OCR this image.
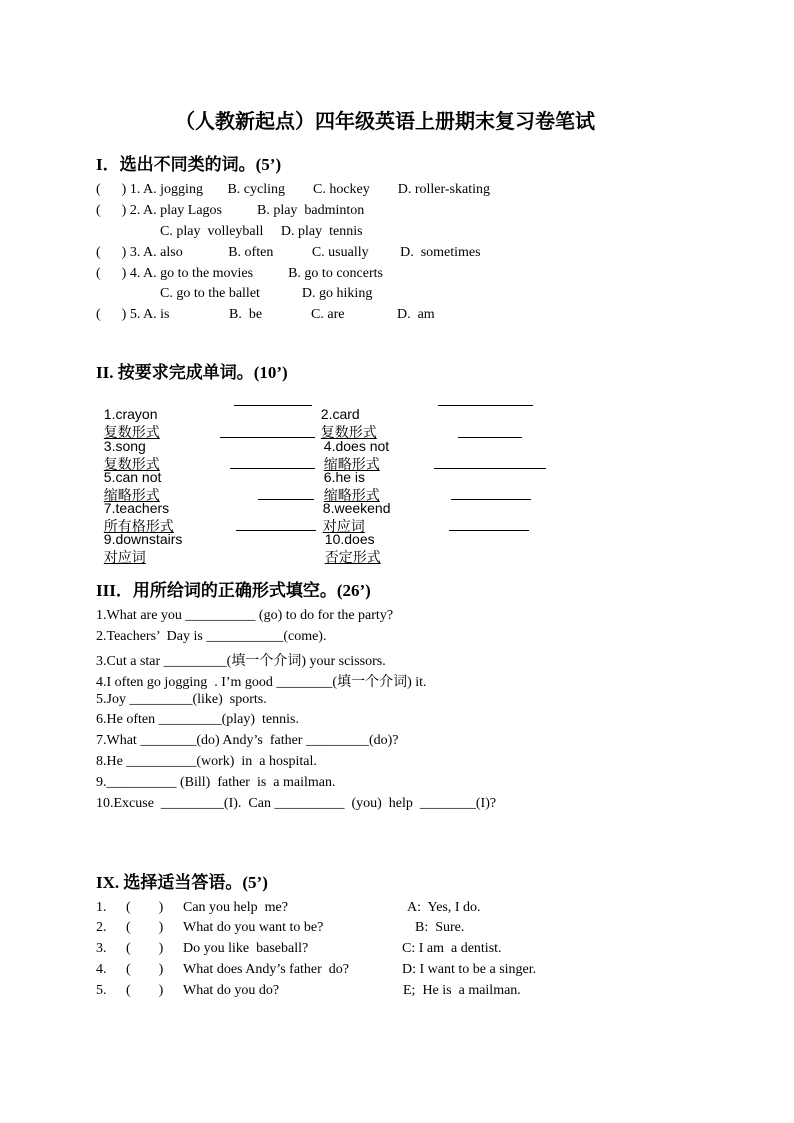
（人教新起点）四年级英语上册期末复习卷笔试
I．选出不同类的词。(5’)
(      ) 1. A. jogging       B. cycling        C. hockey        D. roller-skating
(      ) 2. A. play Lagos          B. play  badminton
C. play  volleyball     D. play  tennis
(      ) 3. A. also             B. often           C. usually         D.  sometimes
(      ) 4. A. go to the movies          B. go to concerts
C. go to the ballet            D. go hiking
(      ) 5. A. is                 B.  be              C. are               D.  am
II. 按要求完成单词。(10’)

1.crayon
复数形式

2.card
复数形式

3.song
复数形式

4.does not
缩略形式

5.can not
缩略形式

6.he is
缩略形式

7.teachers
所有格形式

8.weekend
对应词

9.downstairs
对应词

10.does
否定形式

III．用所给词的正确形式填空。(26’)
1.What are you __________ (go) to do for the party?
2.Teachers’  Day is ___________(come).
3.Cut a star _________(填一个介词) your scissors.
4.I often go jogging  . I’m good ________(填一个介词) it.
5.Joy _________(like)  sports.
6.He often _________(play)  tennis.
7.What ________(do) Andy’s  father _________(do)?
8.He __________(work)  in  a hospital.
9.__________ (Bill)  father  is  a mailman.
10.Excuse  _________(I).  Can __________  (you)  help  ________(I)?
IX. 选择适当答语。(5’)
1. (        ) Can you help  me?	A:  Yes, I do.
2. (        ) What do you want to be?	B:  Sure.
3. (        ) Do you like  baseball?	C: I am  a dentist.
4. (        ) What does Andy’s father  do?	D: I want to be a singer.
5. (        ) What do you do?	E;  He is  a mailman.
